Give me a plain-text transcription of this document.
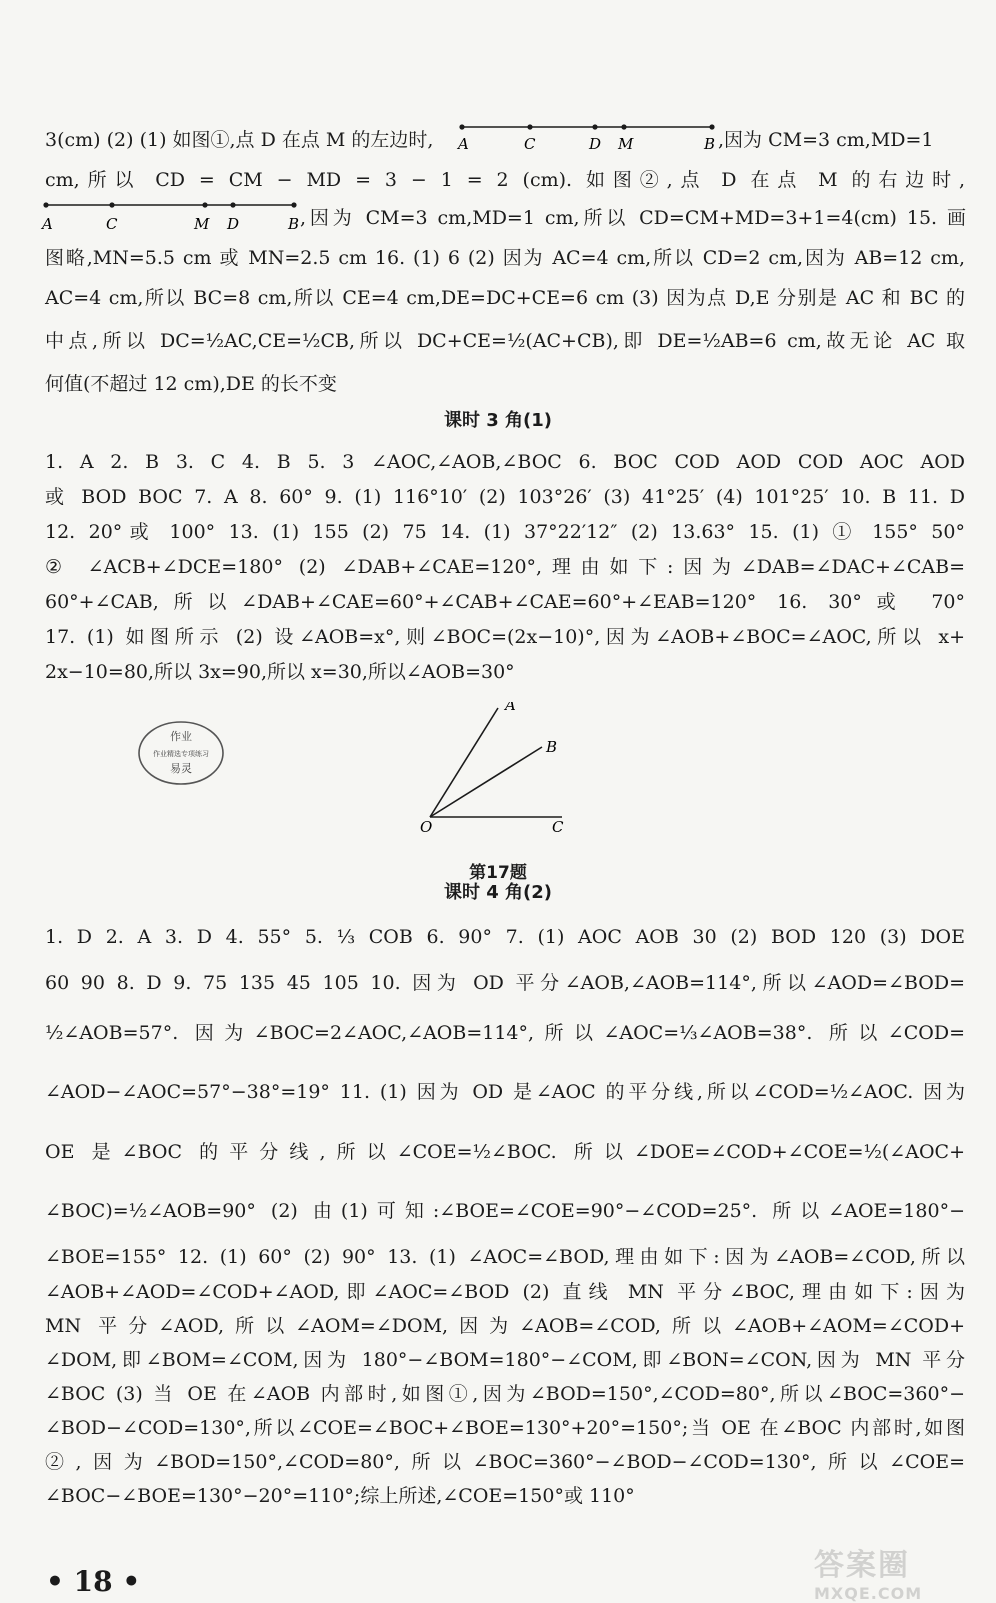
3(cm) (2) (1) 如图①,点 D 在点 M 的左边时,	A	C	D M	B ,因为 CM=3 cm,MD=1
cm,所以 CD = CM − MD = 3 − 1 = 2 (cm). 如图②,点 D 在点 M 的右边时,
A	C	M D	B ,因为 CM=3 cm,MD=1 cm,所以 CD=CM+MD=3+1=4(cm) 15. 画
图略,MN=5.5 cm 或 MN=2.5 cm 16. (1) 6 (2) 因为 AC=4 cm,所以 CD=2 cm,因为 AB=12 cm,
AC=4 cm,所以 BC=8 cm,所以 CE=4 cm,DE=DC+CE=6 cm (3) 因为点 D,E 分别是 AC 和 BC 的
中点,所以 DC=½AC,CE=½CB,所以 DC+CE=½(AC+CB),即 DE=½AB=6 cm,故无论 AC 取
何值(不超过 12 cm),DE 的长不变
课时 3 角(1)
1. A 2. B 3. C 4. B 5. 3 ∠AOC,∠AOB,∠BOC 6. BOC COD AOD COD AOC AOD
或 BOD BOC 7. A 8. 60° 9. (1) 116°10′ (2) 103°26′ (3) 41°25′ (4) 101°25′ 10. B 11. D
12. 20°或 100° 13. (1) 155 (2) 75 14. (1) 37°22′12″ (2) 13.63° 15. (1) ① 155° 50°
② ∠ACB+∠DCE=180° (2) ∠DAB+∠CAE=120°,理由如下:因为∠DAB=∠DAC+∠CAB=
60°+∠CAB,所以∠DAB+∠CAE=60°+∠CAB+∠CAE=60°+∠EAB=120° 16. 30°或 70°
17. (1) 如图所示 (2) 设∠AOB=x°,则∠BOC=(2x−10)°,因为∠AOB+∠BOC=∠AOC,所以 x+
2x−10=80,所以 3x=90,所以 x=30,所以∠AOB=30°
作业
作业精选专项练习
易灵
A
B
O	C
第17题
课时 4 角(2)
1. D 2. A 3. D 4. 55° 5. ⅓ COB 6. 90° 7. (1) AOC AOB 30 (2) BOD 120 (3) DOE
60 90 8. D 9. 75 135 45 105 10. 因为 OD 平分∠AOB,∠AOB=114°,所以∠AOD=∠BOD=
½∠AOB=57°. 因为∠BOC=2∠AOC,∠AOB=114°,所以∠AOC=⅓∠AOB=38°. 所以∠COD=
∠AOD−∠AOC=57°−38°=19° 11. (1) 因为 OD 是∠AOC 的平分线,所以∠COD=½∠AOC. 因为
OE 是∠BOC 的平分线,所以∠COE=½∠BOC. 所以∠DOE=∠COD+∠COE=½(∠AOC+
∠BOC)=½∠AOB=90° (2) 由(1)可知:∠BOE=∠COE=90°−∠COD=25°. 所以∠AOE=180°−
∠BOE=155° 12. (1) 60° (2) 90° 13. (1) ∠AOC=∠BOD,理由如下:因为∠AOB=∠COD,所以
∠AOB+∠AOD=∠COD+∠AOD,即∠AOC=∠BOD (2) 直线 MN 平分∠BOC,理由如下:因为
MN 平分∠AOD,所以∠AOM=∠DOM,因为∠AOB=∠COD,所以∠AOB+∠AOM=∠COD+
∠DOM,即∠BOM=∠COM,因为 180°−∠BOM=180°−∠COM,即∠BON=∠CON,因为 MN 平分
∠BOC (3) 当 OE 在∠AOB 内部时,如图①,因为∠BOD=150°,∠COD=80°,所以∠BOC=360°−
∠BOD−∠COD=130°,所以∠COE=∠BOC+∠BOE=130°+20°=150°;当 OE 在∠BOC 内部时,如图
②,因为∠BOD=150°,∠COD=80°,所以∠BOC=360°−∠BOD−∠COD=130°,所以∠COE=
∠BOC−∠BOE=130°−20°=110°;综上所述,∠COE=150°或 110°
• 18 •	答案圈
MXQE.COM
